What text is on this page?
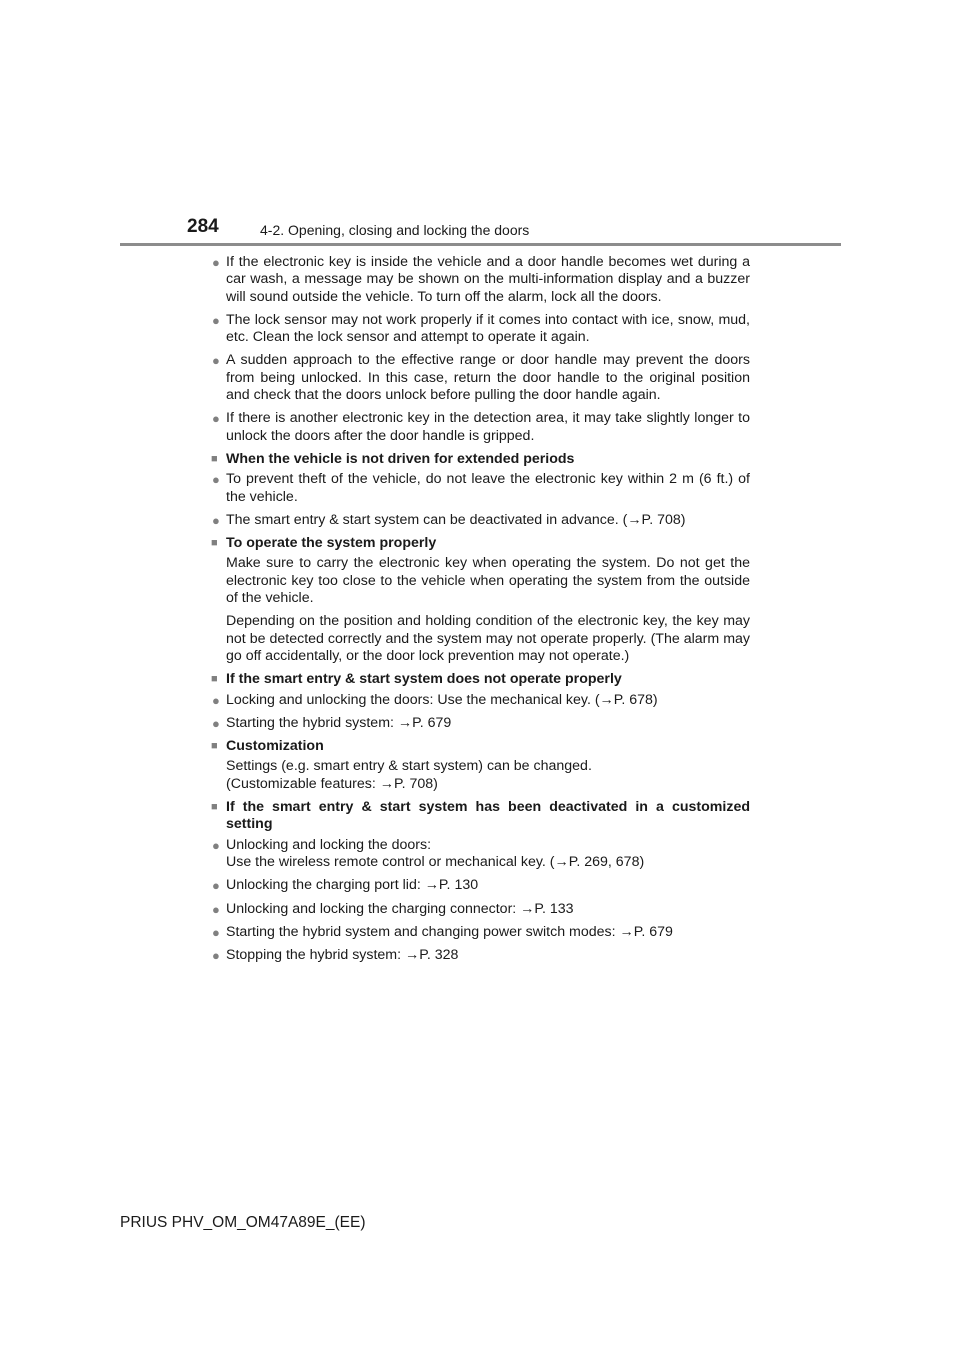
284	4-2. Opening, closing and locking the doors
● If the electronic key is inside the vehicle and a door handle becomes wet during a car wash, a message may be shown on the multi-information display and a buzzer will sound outside the vehicle. To turn off the alarm, lock all the doors.
● The lock sensor may not work properly if it comes into contact with ice, snow, mud, etc. Clean the lock sensor and attempt to operate it again.
● A sudden approach to the effective range or door handle may prevent the doors from being unlocked. In this case, return the door handle to the original position and check that the doors unlock before pulling the door handle again.
● If there is another electronic key in the detection area, it may take slightly longer to unlock the doors after the door handle is gripped.
■ When the vehicle is not driven for extended periods
● To prevent theft of the vehicle, do not leave the electronic key within 2 m (6 ft.) of the vehicle.
● The smart entry & start system can be deactivated in advance. (→P. 708)
■ To operate the system properly
Make sure to carry the electronic key when operating the system. Do not get the electronic key too close to the vehicle when operating the system from the outside of the vehicle.
Depending on the position and holding condition of the electronic key, the key may not be detected correctly and the system may not operate properly. (The alarm may go off accidentally, or the door lock prevention may not operate.)
■ If the smart entry & start system does not operate properly
● Locking and unlocking the doors: Use the mechanical key. (→P. 678)
● Starting the hybrid system: →P. 679
■ Customization
Settings (e.g. smart entry & start system) can be changed.
(Customizable features: →P. 708)
■ If the smart entry & start system has been deactivated in a customized setting
● Unlocking and locking the doors:
Use the wireless remote control or mechanical key. (→P. 269, 678)
● Unlocking the charging port lid: →P. 130
● Unlocking and locking the charging connector: →P. 133
● Starting the hybrid system and changing power switch modes: →P. 679
● Stopping the hybrid system: →P. 328
PRIUS PHV_OM_OM47A89E_(EE)
